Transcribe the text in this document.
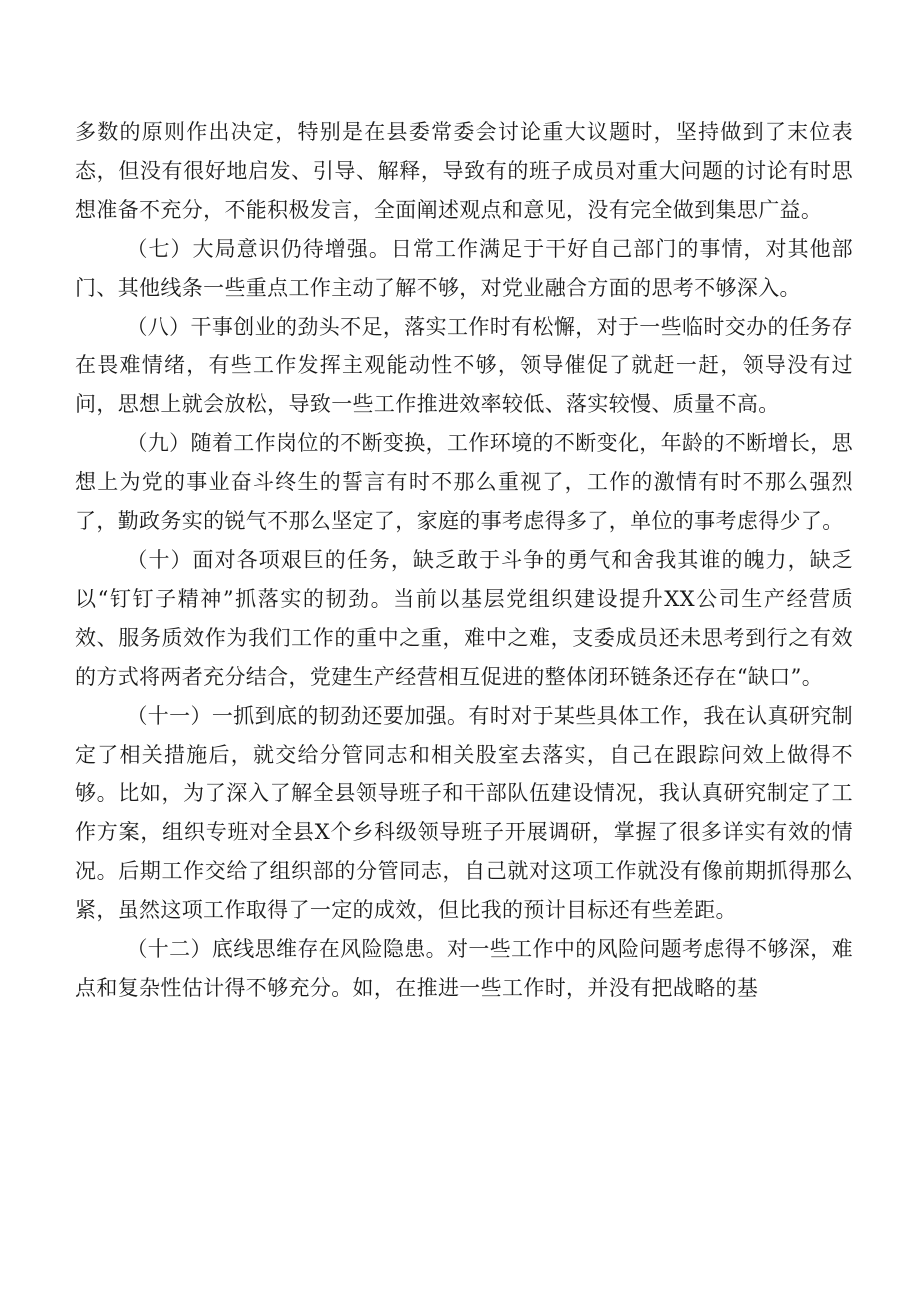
多数的原则作出决定，特别是在县委常委会讨论重大议题时，坚持做到了末位表态，但没有很好地启发、引导、解释，导致有的班子成员对重大问题的讨论有时思想准备不充分，不能积极发言，全面阐述观点和意见，没有完全做到集思广益。

（七）大局意识仍待增强。日常工作满足于干好自己部门的事情，对其他部门、其他线条一些重点工作主动了解不够，对党业融合方面的思考不够深入。

（八）干事创业的劲头不足，落实工作时有松懈，对于一些临时交办的任务存在畏难情绪，有些工作发挥主观能动性不够，领导催促了就赶一赶，领导没有过问，思想上就会放松，导致一些工作推进效率较低、落实较慢、质量不高。

（九）随着工作岗位的不断变换，工作环境的不断变化，年龄的不断增长，思想上为党的事业奋斗终生的誓言有时不那么重视了，工作的激情有时不那么强烈了，勤政务实的锐气不那么坚定了，家庭的事考虑得多了，单位的事考虑得少了。

（十）面对各项艰巨的任务，缺乏敢于斗争的勇气和舍我其谁的魄力，缺乏以“钉钉子精神”抓落实的韧劲。当前以基层党组织建设提升XX公司生产经营质效、服务质效作为我们工作的重中之重，难中之难，支委成员还未思考到行之有效的方式将两者充分结合，党建生产经营相互促进的整体闭环链条还存在“缺口”。

（十一）一抓到底的韧劲还要加强。有时对于某些具体工作，我在认真研究制定了相关措施后，就交给分管同志和相关股室去落实，自己在跟踪问效上做得不够。比如，为了深入了解全县领导班子和干部队伍建设情况，我认真研究制定了工作方案，组织专班对全县X个乡科级领导班子开展调研，掌握了很多详实有效的情况。后期工作交给了组织部的分管同志，自己就对这项工作就没有像前期抓得那么紧，虽然这项工作取得了一定的成效，但比我的预计目标还有些差距。

（十二）底线思维存在风险隐患。对一些工作中的风险问题考虑得不够深，难点和复杂性估计得不够充分。如，在推进一些工作时，并没有把战略的基
